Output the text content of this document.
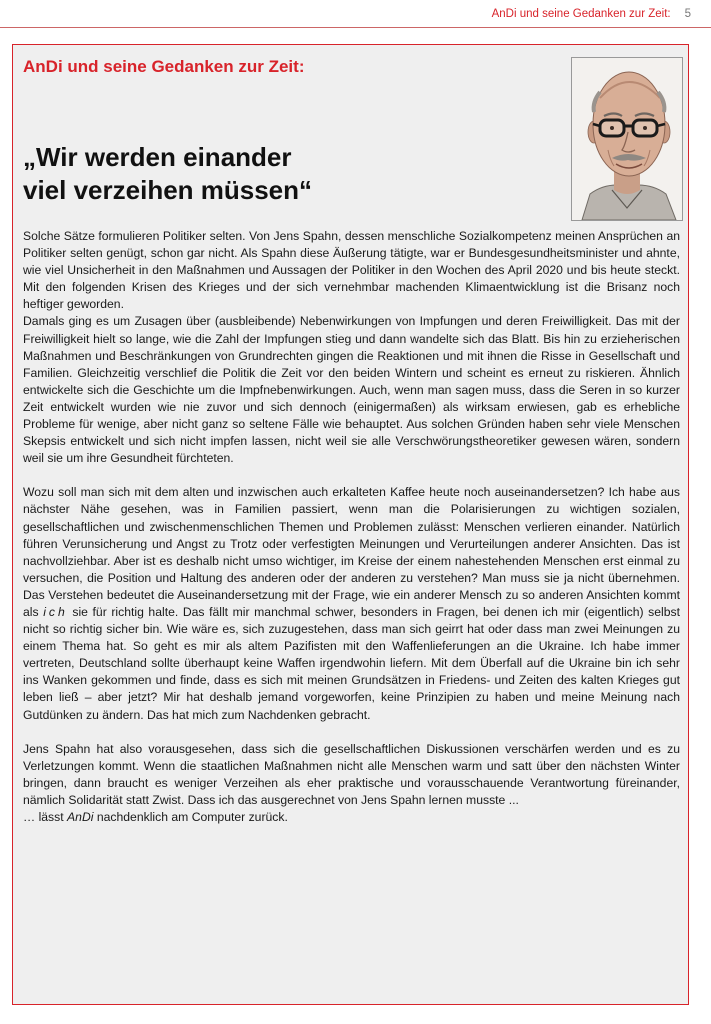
AnDi und seine Gedanken zur Zeit: 5
AnDi und seine Gedanken zur Zeit:
„Wir werden einander
viel verzeihen müssen“

Solche Sätze formulieren Politiker selten. Von Jens Spahn, dessen menschliche Sozialkompetenz meinen Ansprüchen an Politiker selten genügt, schon gar nicht. Als Spahn diese Äußerung tätigte, war er Bundesgesundheitsminister und ahnte, wie viel Unsicherheit in den Maßnahmen und Aussagen der Politiker in den Wochen des April 2020 und bis heute steckt. Mit den folgenden Krisen des Krieges und der sich vernehmbar machenden Klimaentwicklung ist die Brisanz noch heftiger geworden.

Damals ging es um Zusagen über (ausbleibende) Nebenwirkungen von Impfungen und deren Freiwilligkeit. Das mit der Freiwilligkeit hielt so lange, wie die Zahl der Impfungen stieg und dann wandelte sich das Blatt. Bis hin zu erzieherischen Maßnahmen und Beschränkungen von Grundrechten gingen die Reaktionen und mit ihnen die Risse in Gesellschaft und Familien. Gleichzeitig verschlief die Politik die Zeit vor den beiden Wintern und scheint es erneut zu riskieren. Ähnlich entwickelte sich die Geschichte um die Impfnebenwirkungen. Auch, wenn man sagen muss, dass die Seren in so kurzer Zeit entwickelt wurden wie nie zuvor und sich dennoch (einigermaßen) als wirksam erwiesen, gab es erhebliche Probleme für wenige, aber nicht ganz so seltene Fälle wie behauptet. Aus solchen Gründen haben sehr viele Menschen Skepsis entwickelt und sich nicht impfen lassen, nicht weil sie alle Verschwörungstheoretiker gewesen wären, sondern weil sie um ihre Gesundheit fürchteten.

Wozu soll man sich mit dem alten und inzwischen auch erkalteten Kaffee heute noch auseinandersetzen? Ich habe aus nächster Nähe gesehen, was in Familien passiert, wenn man die Polarisierungen zu wichtigen sozialen, gesellschaftlichen und zwischenmenschlichen Themen und Problemen zulässt: Menschen verlieren einander. Natürlich führen Verunsicherung und Angst zu Trotz oder verfestigten Meinungen und Verurteilungen anderer Ansichten. Das ist nachvollziehbar. Aber ist es deshalb nicht umso wichtiger, im Kreise der einem nahestehenden Menschen erst einmal zu versuchen, die Position und Haltung des anderen oder der anderen zu verstehen? Man muss sie ja nicht übernehmen. Das Verstehen bedeutet die Auseinandersetzung mit der Frage, wie ein anderer Mensch zu so anderen Ansichten kommt als ich sie für richtig halte. Das fällt mir manchmal schwer, besonders in Fragen, bei denen ich mir (eigentlich) selbst nicht so richtig sicher bin. Wie wäre es, sich zuzugestehen, dass man sich geirrt hat oder dass man zwei Meinungen zu einem Thema hat. So geht es mir als altem Pazifisten mit den Waffenlieferungen an die Ukraine. Ich habe immer vertreten, Deutschland sollte überhaupt keine Waffen irgendwohin liefern. Mit dem Überfall auf die Ukraine bin ich sehr ins Wanken gekommen und finde, dass es sich mit meinen Grundsätzen in Friedens- und Zeiten des kalten Krieges gut leben ließ – aber jetzt? Mir hat deshalb jemand vorgeworfen, keine Prinzipien zu haben und meine Meinung nach Gutdünken zu ändern. Das hat mich zum Nachdenken gebracht.

Jens Spahn hat also vorausgesehen, dass sich die gesellschaftlichen Diskussionen verschärfen werden und es zu Verletzungen kommt. Wenn die staatlichen Maßnahmen nicht alle Menschen warm und satt über den nächsten Winter bringen, dann braucht es weniger Verzeihen als eher praktische und vorausschauende Verantwortung füreinander, nämlich Solidarität statt Zwist. Dass ich das ausgerechnet von Jens Spahn lernen musste ...

… lässt AnDi nachdenklich am Computer zurück.
